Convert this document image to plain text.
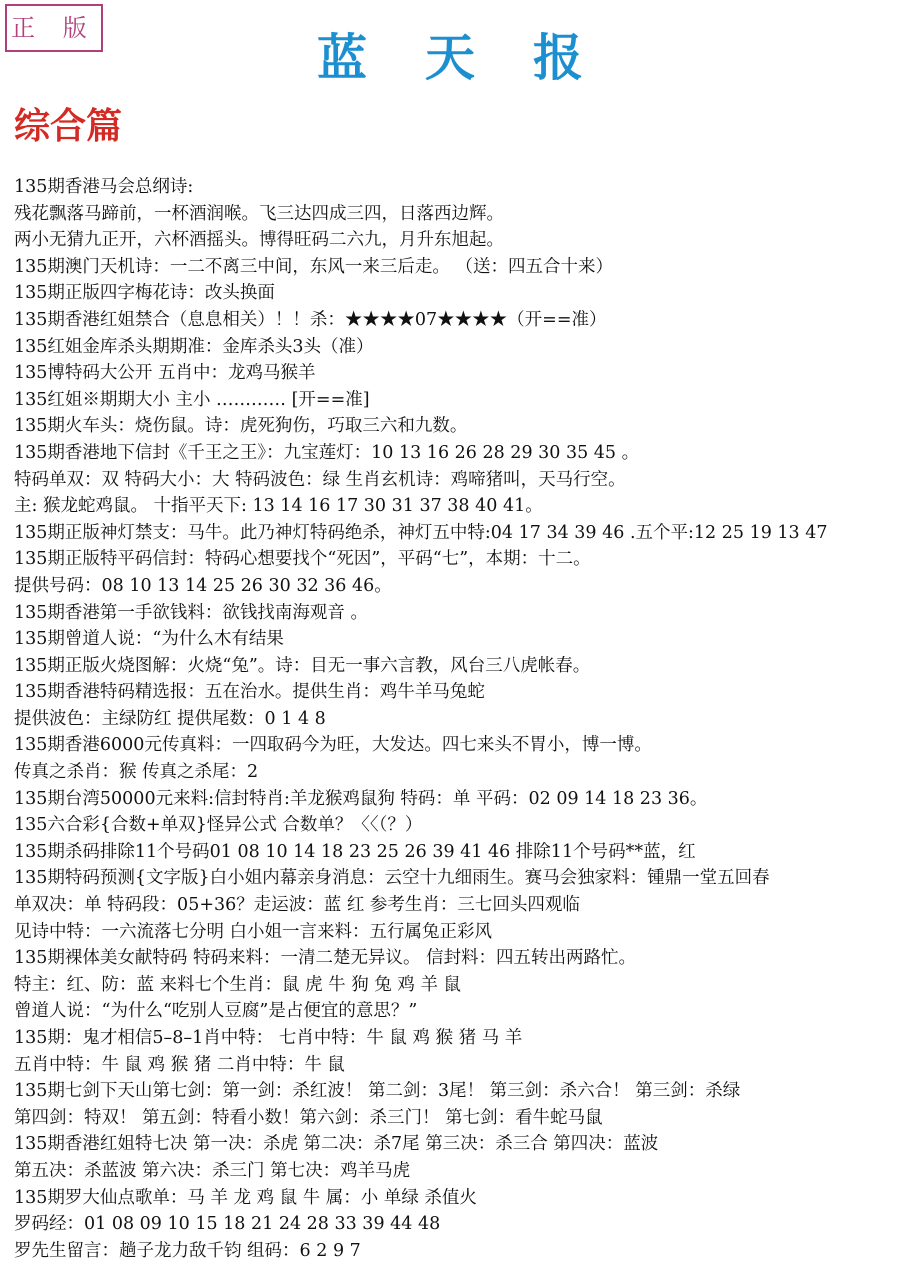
正 版	蓝天报
综合篇
135期香港马会总纲诗:
残花飘落马蹄前，一杯酒润喉。飞三达四成三四，日落西边辉。
两小无猜九正开，六杯酒摇头。博得旺码二六九，月升东旭起。
135期澳门天机诗：一二不离三中间，东风一来三后走。 （送：四五合十来）
135期正版四字梅花诗：改头换面
135期香港红姐禁合（息息相关）！！杀：★★★★07★★★★（开==准）
135红姐金库杀头期期准：金库杀头3头（准）
135博特码大公开 五肖中：龙鸡马猴羊
135红姐※期期大小 主小 ………… [开==准]
135期火车头：烧伤鼠。诗：虎死狗伤，巧取三六和九数。
135期香港地下信封《千王之王》：九宝莲灯：10 13 16 26 28 29 30 35 45 。
特码单双：双 特码大小：大 特码波色：绿 生肖玄机诗：鸡啼猪叫，天马行空。
主: 猴龙蛇鸡鼠。 十指平天下: 13 14 16 17 30 31 37 38 40 41。
135期正版神灯禁支：马牛。此乃神灯特码绝杀，神灯五中特:04 17 34 39 46 .五个平:12 25 19 13 47
135期正版特平码信封：特码心想要找个“死因”，平码“七”，本期：十二。
提供号码：08 10 13 14 25 26 30 32 36 46。
135期香港第一手欲钱料：欲钱找南海观音 。
135期曾道人说：“为什么木有结果
135期正版火烧图解：火烧“兔”。诗：目无一事六言教，风台三八虎帐春。
135期香港特码精选报：五在治水。提供生肖：鸡牛羊马兔蛇
提供波色：主绿防红 提供尾数：0 1 4 8
135期香港6000元传真料：一四取码今为旺，大发达。四七来头不胃小，博一博。
传真之杀肖：猴 传真之杀尾：2
135期台湾50000元来料:信封特肖:羊龙猴鸡鼠狗 特码：单 平码：02 09 14 18 23 36。
135六合彩{合数+单双}怪异公式 合数单？〈〈（？）
135期杀码排除11个号码01 08 10 14 18 23 25 26 39 41 46 排除11个号码**蓝，红
135期特码预测{文字版}白小姐内幕亲身消息：云空十九细雨生。赛马会独家料：锺鼎一堂五回春
单双决：单 特码段：05+36？走运波：蓝 红 参考生肖：三七回头四观临
见诗中特：一六流落七分明 白小姐一言来料：五行属兔正彩风
135期裸体美女献特码 特码来料：一清二楚无异议。 信封料：四五转出两路忙。
特主：红、防：蓝 来料七个生肖：鼠 虎 牛 狗 兔 鸡 羊 鼠
曾道人说：“为什么“吃别人豆腐”是占便宜的意思？”
135期：鬼才相信5–8–1肖中特： 七肖中特：牛 鼠 鸡 猴 猪 马 羊
五肖中特：牛 鼠 鸡 猴 猪 二肖中特：牛 鼠
135期七剑下天山第七剑：第一剑：杀红波！ 第二剑：3尾！ 第三剑：杀六合！ 第三剑：杀绿
第四剑：特双！ 第五剑：特看小数！第六剑：杀三门！ 第七剑：看牛蛇马鼠
135期香港红姐特七决 第一决：杀虎 第二决：杀7尾 第三决：杀三合 第四决：蓝波
第五决：杀蓝波 第六决：杀三门 第七决：鸡羊马虎
135期罗大仙点歌单：马 羊 龙 鸡 鼠 牛 属：小 单绿 杀值火
罗码经：01 08 09 10 15 18 21 24 28 33 39 44 48
罗先生留言：趟子龙力敌千钧 组码：6 2 9 7
